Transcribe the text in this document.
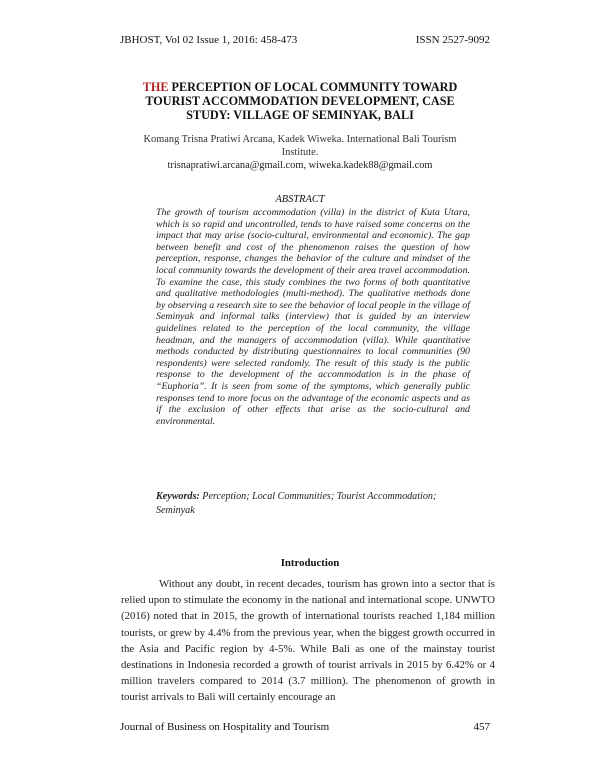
JBHOST, Vol 02 Issue 1, 2016: 458-473	ISSN 2527-9092
THE PERCEPTION OF LOCAL COMMUNITY TOWARD TOURIST ACCOMMODATION DEVELOPMENT, CASE STUDY: VILLAGE OF SEMINYAK, BALI
Komang Trisna Pratiwi Arcana, Kadek Wiweka. International Bali Tourism Institute.
trisnapratiwi.arcana@gmail.com, wiweka.kadek88@gmail.com
ABSTRACT
The growth of tourism accommodation (villa) in the district of Kuta Utara, which is so rapid and uncontrolled, tends to have raised some concerns on the impact that may arise (socio-cultural, environmental and economic). The gap between benefit and cost of the phenomenon raises the question of how perception, response, changes the behavior of the culture and mindset of the local community towards the development of their area travel accommodation. To examine the case, this study combines the two forms of both quantitative and qualitative methodologies (multi-method). The qualitative methods done by observing a research site to see the behavior of local people in the village of Seminyak and informal talks (interview) that is guided by an interview guidelines related to the perception of the local community, the village headman, and the managers of accommodation (villa). While quantitative methods conducted by distributing questionnaires to local communities (90 respondents) were selected randomly. The result of this study is the public response to the development of the accommodation is in the phase of “Euphoria”. It is seen from some of the symptoms, which generally public responses tend to more focus on the advantage of the economic aspects and as if the exclusion of other effects that arise as the socio-cultural and environmental.
Keywords: Perception; Local Communities; Tourist Accommodation; Seminyak
Introduction
Without any doubt, in recent decades, tourism has grown into a sector that is relied upon to stimulate the economy in the national and international scope. UNWTO (2016) noted that in 2015, the growth of international tourists reached 1,184 million tourists, or grew by 4.4% from the previous year, when the biggest growth occurred in the Asia and Pacific region by 4-5%. While Bali as one of the mainstay tourist destinations in Indonesia recorded a growth of tourist arrivals in 2015 by 6.42% or 4 million travelers compared to 2014 (3.7 million). The phenomenon of growth in tourist arrivals to Bali will certainly encourage an
Journal of Business on Hospitality and Tourism	457
